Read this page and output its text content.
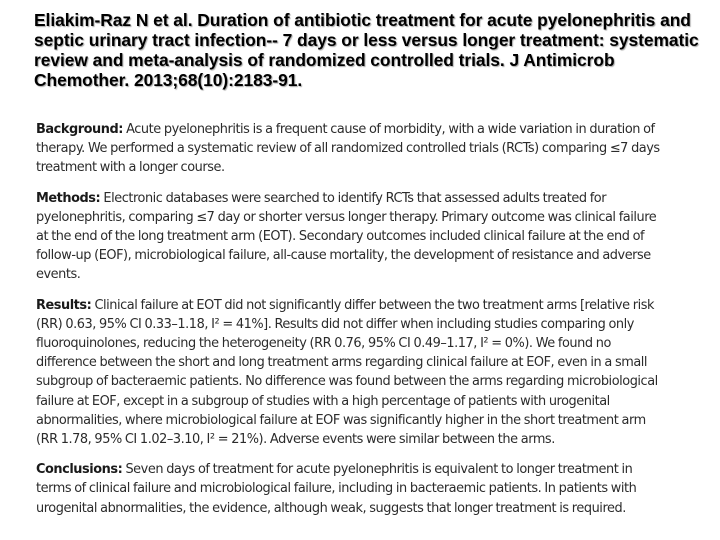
Eliakim-Raz N et al. Duration of antibiotic treatment for acute pyelonephritis and septic urinary tract infection-- 7 days or less versus longer treatment: systematic review and meta-analysis of randomized controlled trials. J Antimicrob Chemother. 2013;68(10):2183-91.

Background: Acute pyelonephritis is a frequent cause of morbidity, with a wide variation in duration of therapy. We performed a systematic review of all randomized controlled trials (RCTs) comparing ≤7 days treatment with a longer course.

Methods: Electronic databases were searched to identify RCTs that assessed adults treated for pyelonephritis, comparing ≤7 day or shorter versus longer therapy. Primary outcome was clinical failure at the end of the long treatment arm (EOT). Secondary outcomes included clinical failure at the end of follow-up (EOF), microbiological failure, all-cause mortality, the development of resistance and adverse events.

Results: Clinical failure at EOT did not significantly differ between the two treatment arms [relative risk (RR) 0.63, 95% CI 0.33–1.18, I² = 41%]. Results did not differ when including studies comparing only fluoroquinolones, reducing the heterogeneity (RR 0.76, 95% CI 0.49–1.17, I² = 0%). We found no difference between the short and long treatment arms regarding clinical failure at EOF, even in a small subgroup of bacteraemic patients. No difference was found between the arms regarding microbiological failure at EOF, except in a subgroup of studies with a high percentage of patients with urogenital abnormalities, where microbiological failure at EOF was significantly higher in the short treatment arm (RR 1.78, 95% CI 1.02–3.10, I² = 21%). Adverse events were similar between the arms.

Conclusions: Seven days of treatment for acute pyelonephritis is equivalent to longer treatment in terms of clinical failure and microbiological failure, including in bacteraemic patients. In patients with urogenital abnormalities, the evidence, although weak, suggests that longer treatment is required.
